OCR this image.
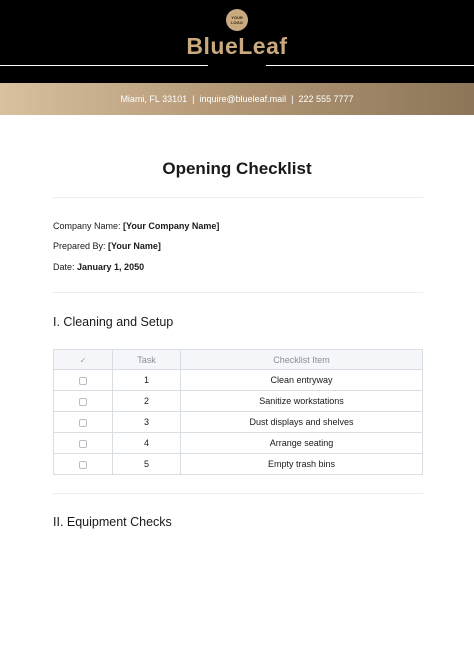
YOUR LOGO
BlueLeaf
Miami, FL 33101  |  inquire@blueleaf.mail  |  222 555 7777
Opening Checklist
Company Name: [Your Company Name]
Prepared By: [Your Name]
Date: January 1, 2050
I. Cleaning and Setup
✓	Task	Checklist Item
	1	Clean entryway
	2	Sanitize workstations
	3	Dust displays and shelves
	4	Arrange seating
	5	Empty trash bins
II. Equipment Checks
